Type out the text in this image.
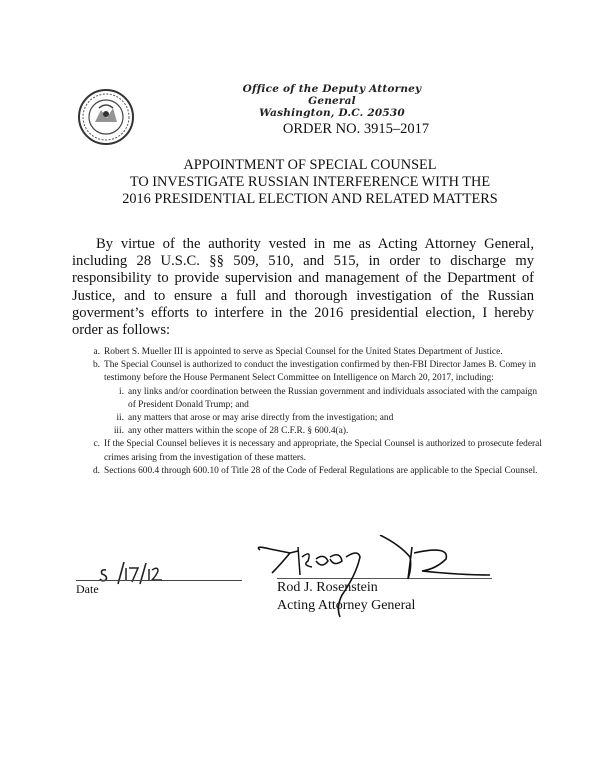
Office of the Deputy Attorney General
Washington, D.C. 20530
ORDER NO. 3915–2017
APPOINTMENT OF SPECIAL COUNSEL
TO INVESTIGATE RUSSIAN INTERFERENCE WITH THE
2016 PRESIDENTIAL ELECTION AND RELATED MATTERS
By virtue of the authority vested in me as Acting Attorney General, including 28 U.S.C. §§ 509, 510, and 515, in order to discharge my responsibility to provide supervision and management of the Department of Justice, and to ensure a full and thorough investigation of the Russian goverment’s efforts to interfere in the 2016 presidential election, I hereby order as follows:
a. Robert S. Mueller III is appointed to serve as Special Counsel for the United States Department of Justice.
b. The Special Counsel is authorized to conduct the investigation confirmed by then-FBI Director James B. Comey in testimony before the House Permanent Select Committee on Intelligence on March 20, 2017, including:
i. any links and/or coordination between the Russian government and individuals associated with the campaign of President Donald Trump; and
ii. any matters that arose or may arise directly from the investigation; and
iii. any other matters within the scope of 28 C.F.R. § 600.4(a).
c. If the Special Counsel believes it is necessary and appropriate, the Special Counsel is authorized to prosecute federal crimes arising from the investigation of these matters.
d. Sections 600.4 through 600.10 of Title 28 of the Code of Federal Regulations are applicable to the Special Counsel.
Date	Rod J. Rosenstein
Acting Attorney General
